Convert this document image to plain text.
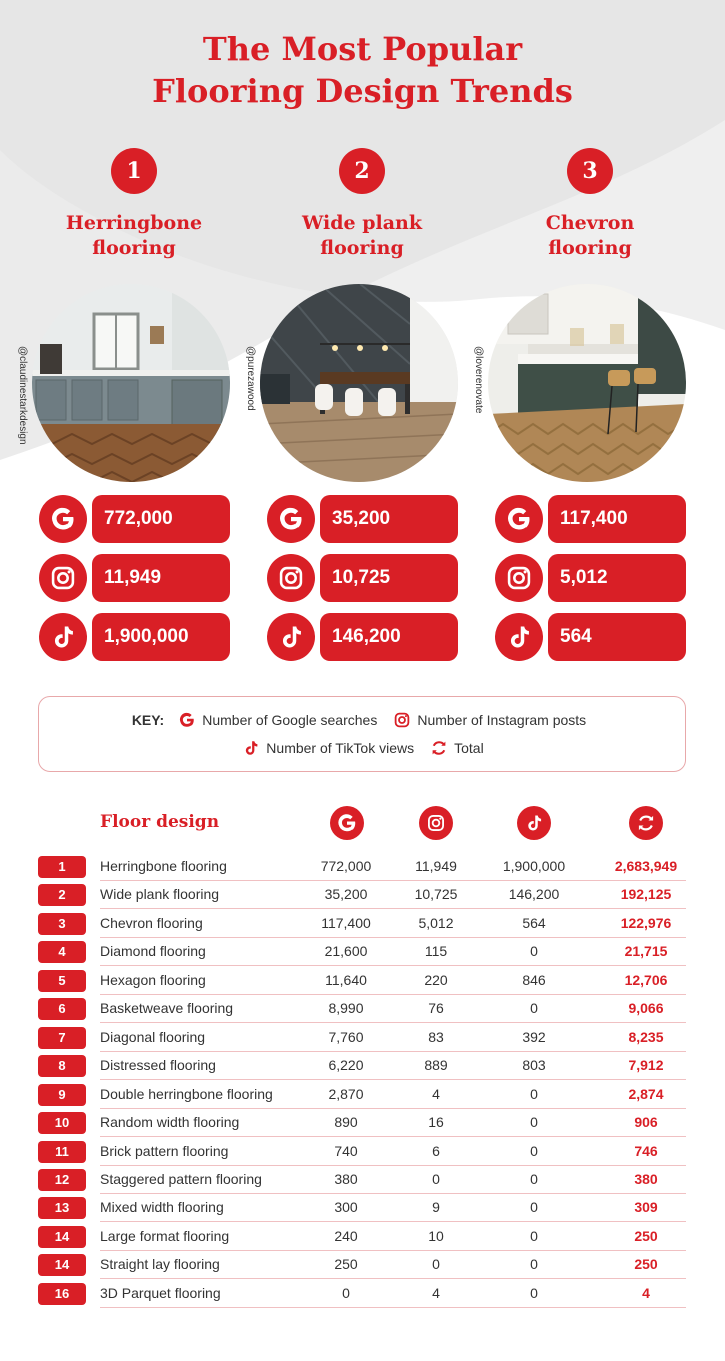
The Most Popular
Flooring Design Trends
1
Herringbone
flooring
@claudinestarkdesign
772,000
11,949
1,900,000
2
Wide plank
flooring
@purezawood
35,200
10,725
146,200
3
Chevron
flooring
@loverenovate
117,400
5,012
564
KEY:	Number of Google searches	Number of Instagram posts
Number of TikTok views	Total
Floor design
1	Herringbone flooring	772,000	11,949	1,900,000	2,683,949
2	Wide plank flooring	35,200	10,725	146,200	192,125
3	Chevron flooring	117,400	5,012	564	122,976
4	Diamond flooring	21,600	115	0	21,715
5	Hexagon flooring	11,640	220	846	12,706
6	Basketweave flooring	8,990	76	0	9,066
7	Diagonal flooring	7,760	83	392	8,235
8	Distressed flooring	6,220	889	803	7,912
9	Double herringbone flooring	2,870	4	0	2,874
10	Random width flooring	890	16	0	906
11	Brick pattern flooring	740	6	0	746
12	Staggered pattern flooring	380	0	0	380
13	Mixed width flooring	300	9	0	309
14	Large format flooring	240	10	0	250
14	Straight lay flooring	250	0	0	250
16	3D Parquet flooring	0	4	0	4
